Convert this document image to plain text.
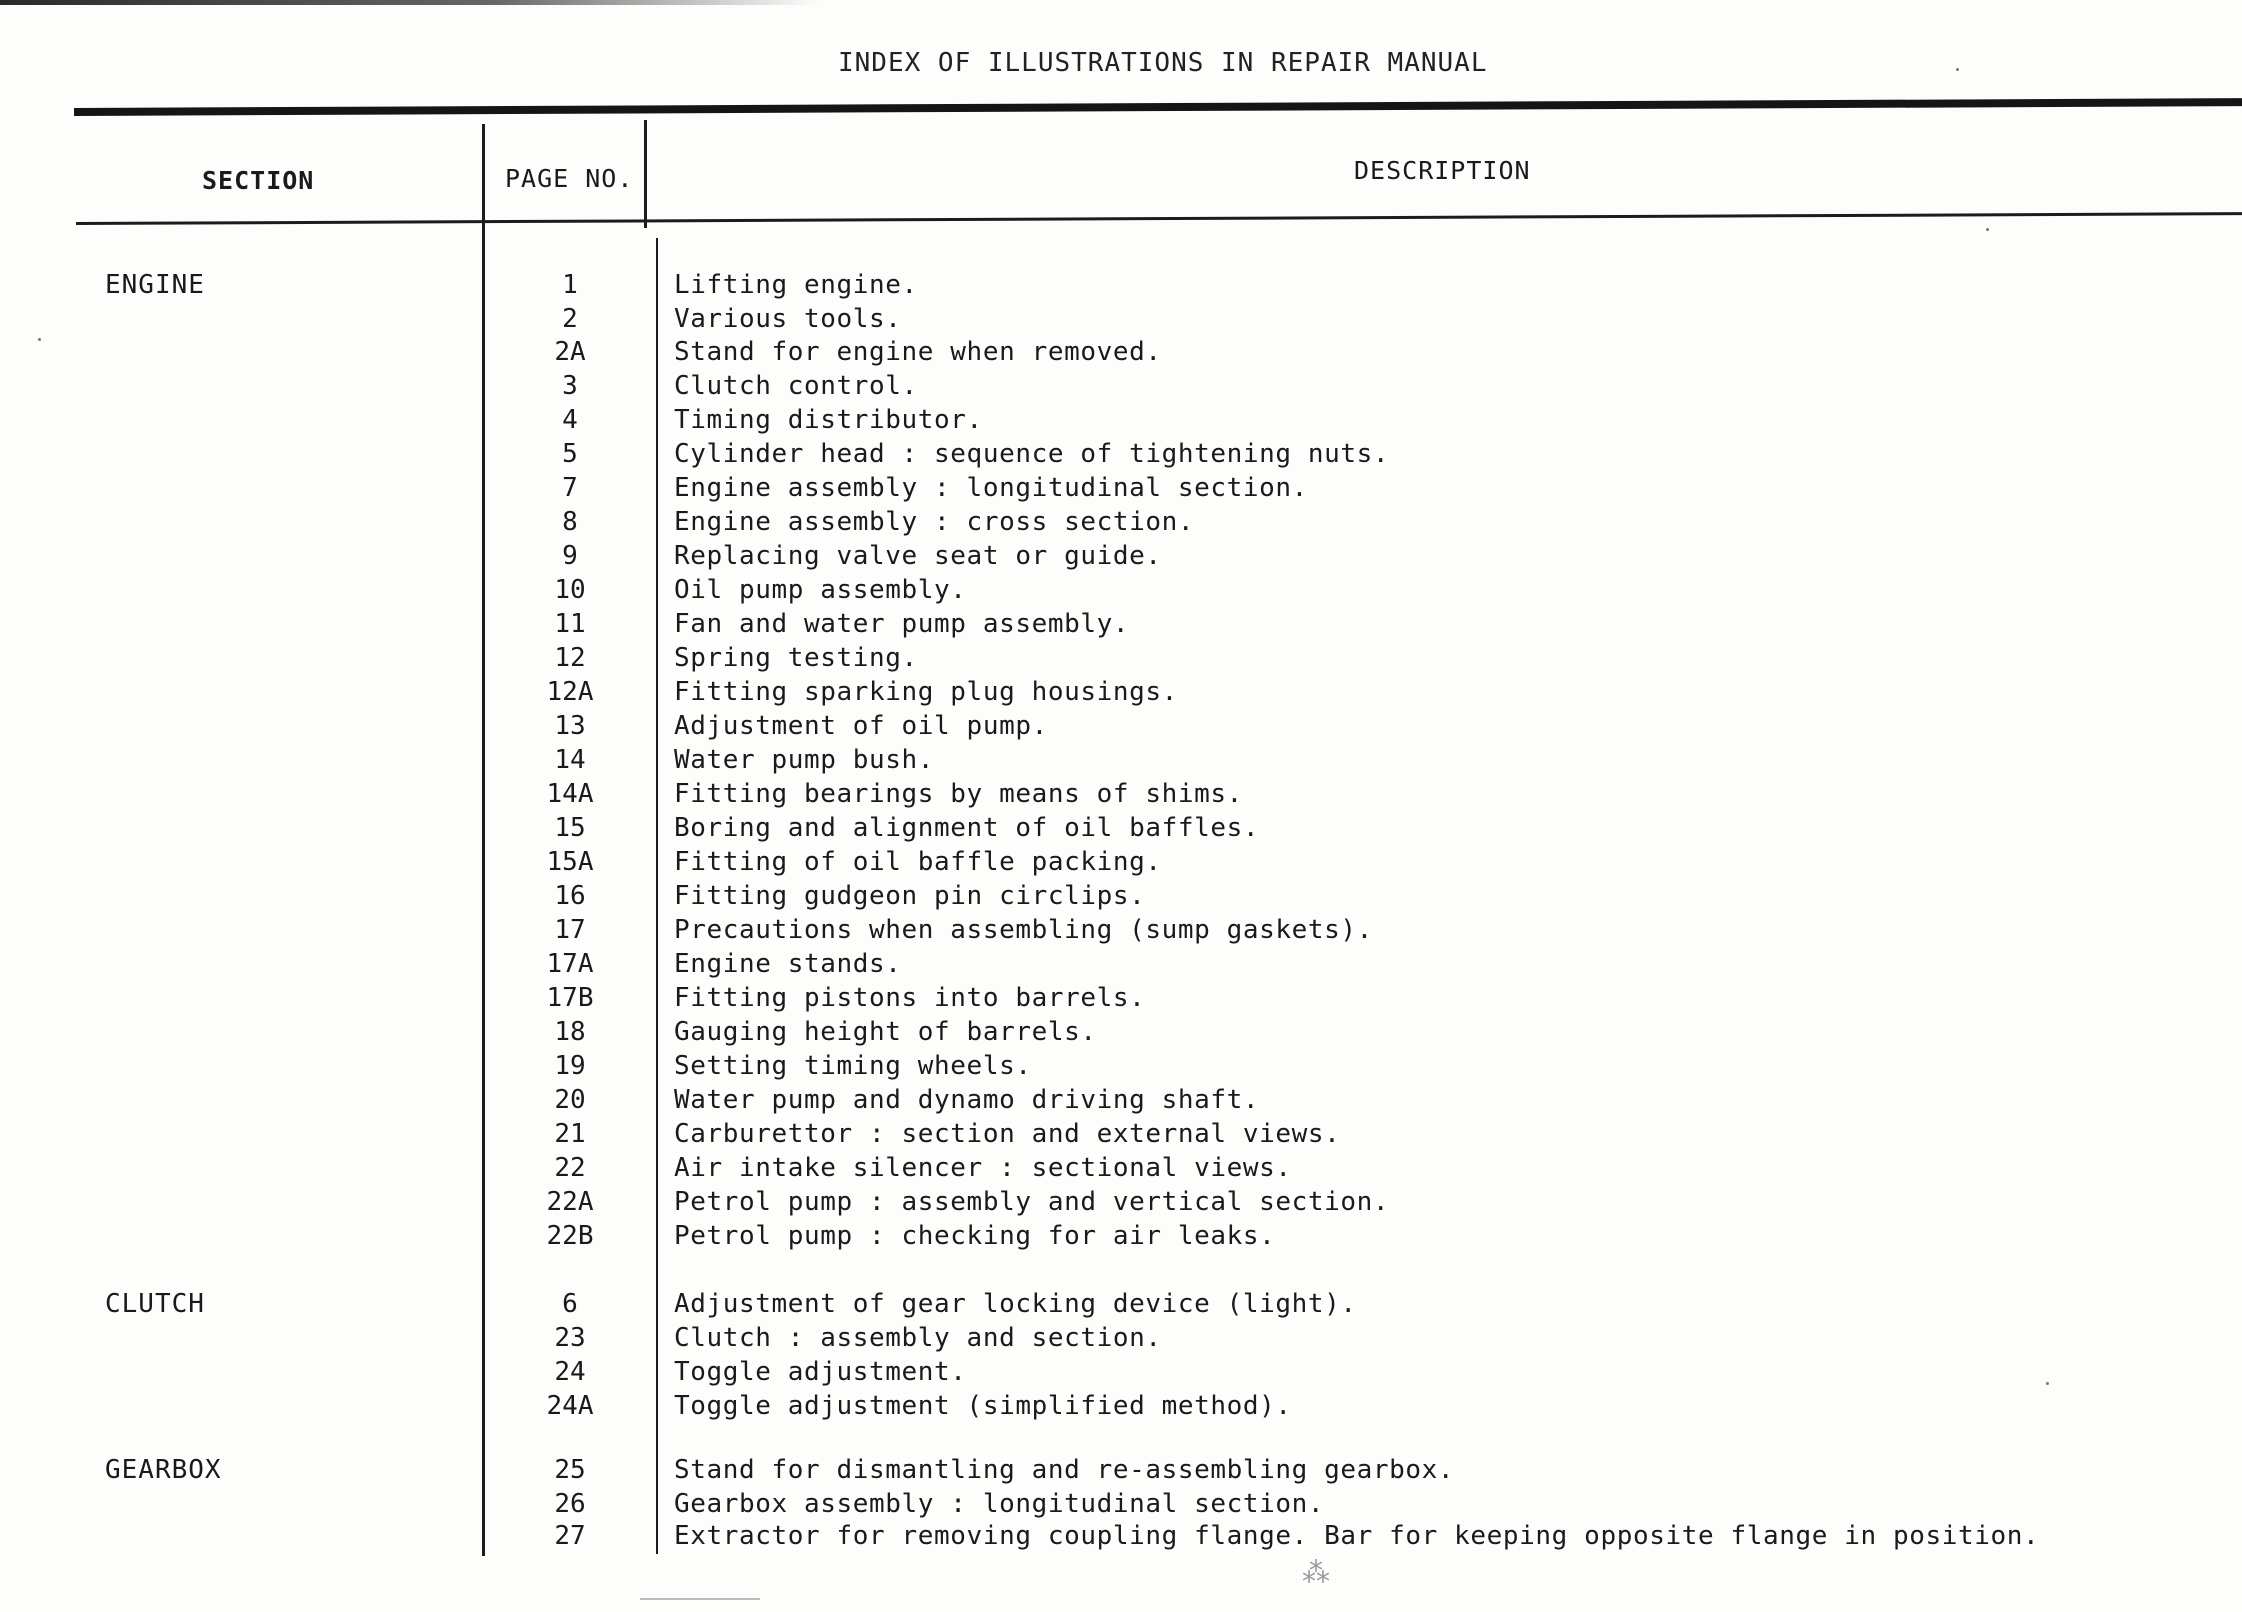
INDEX OF ILLUSTRATIONS IN REPAIR MANUAL
SECTION	PAGE NO.	DESCRIPTION
ENGINE	1	Lifting engine.
2	Various tools.
2A	Stand for engine when removed.
3	Clutch control.
4	Timing distributor.
5	Cylinder head : sequence of tightening nuts.
7	Engine assembly : longitudinal section.
8	Engine assembly : cross section.
9	Replacing valve seat or guide.
10	Oil pump assembly.
11	Fan and water pump assembly.
12	Spring testing.
12A	Fitting sparking plug housings.
13	Adjustment of oil pump.
14	Water pump bush.
14A	Fitting bearings by means of shims.
15	Boring and alignment of oil baffles.
15A	Fitting of oil baffle packing.
16	Fitting gudgeon pin circlips.
17	Precautions when assembling (sump gaskets).
17A	Engine stands.
17B	Fitting pistons into barrels.
18	Gauging height of barrels.
19	Setting timing wheels.
20	Water pump and dynamo driving shaft.
21	Carburettor : section and external views.
22	Air intake silencer : sectional views.
22A	Petrol pump : assembly and vertical section.
22B	Petrol pump : checking for air leaks.
CLUTCH	6	Adjustment of gear locking device (light).
23	Clutch : assembly and section.
24	Toggle adjustment.
24A	Toggle adjustment (simplified method).
GEARBOX	25	Stand for dismantling and re-assembling gearbox.
26	Gearbox assembly : longitudinal section.
27	Extractor for removing coupling flange. Bar for keeping opposite flange in position.
⁂
